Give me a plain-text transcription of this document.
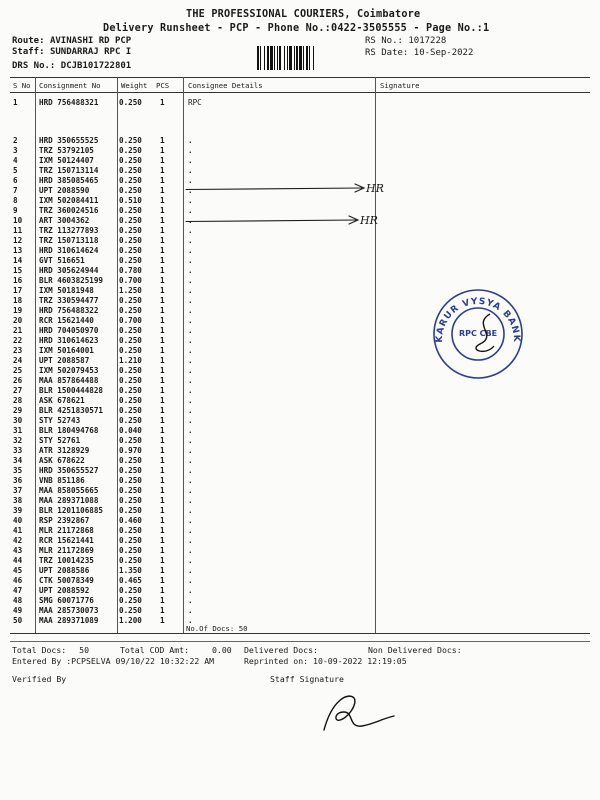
THE PROFESSIONAL COURIERS, Coimbatore
Delivery Runsheet - PCP - Phone No.:0422-3505555 - Page No.:1
Route: AVINASHI RD PCP
Staff: SUNDARRAJ RPC I
DRS No.: DCJB101722801
RS No.: 1017228
RS Date: 10-Sep-2022
S No Consignment No	Weight PCS	Consignee Details	Signature
1	HRD 756488321	0.250 1	RPC
2	HRD 350655525	0.250 1	.
3	TRZ 53792105	0.250 1	.
4	IXM 50124407	0.250 1	.
5	TRZ 150713114	0.250 1	.
6	HRD 385085465	0.250 1	.
7	UPT 2088590	0.250 1	.
8	IXM 502084411	0.510 1	.
9	TRZ 360024516	0.250 1	.
10 ART 3004362	0.250 1	.
11 TRZ 113277893	0.250 1	.
12 TRZ 150713118	0.250 1	.
13 HRD 310614624	0.250 1	.
14 GVT 516651	0.250 1	.
15 HRD 305624944	0.780 1	.
16 BLR 4603825199 0.700 1	.
17 IXM 50181948	1.250 1	.
18 TRZ 330594477	0.250 1	.
19 HRD 756488322	0.250 1	.
20 RCR 15621440	0.700 1	.
21 HRD 704050970	0.250 1	.
22 HRD 310614623	0.250 1	.
23 IXM 50164001	0.250 1	.
24 UPT 2088587	1.210 1	.
25 IXM 502079453	0.250 1	.
26 MAA 857864488	0.250 1	.
27 BLR 1500444828 0.250 1	.
28 ASK 678621	0.250 1	.
29 BLR 4251830571 0.250 1	.
30 STY 52743	0.250 1	.
31 BLR 180494768	0.040 1	.
32 STY 52761	0.250 1	.
33 ATR 3128929	0.970 1	.
34 ASK 678622	0.250 1	.
35 HRD 350655527	0.250 1	.
36 VNB 851186	0.250 1	.
37 MAA 858055665	0.250 1	.
38 MAA 289371088	0.250 1	.
39 BLR 1201106885 0.250 1	.
40 RSP 2392867	0.460 1	.
41 MLR 21172868	0.250 1	.
42 RCR 15621441	0.250 1	.
43 MLR 21172869	0.250 1	.
44 TRZ 10014235	0.250 1	.
45 UPT 2088586	1.350 1	.
46 CTK 50078349	0.465 1	.
47 UPT 2088592	0.250 1	.
48 SMG 60071776	0.250 1	.
49 MAA 285730073	0.250 1	.
50 MAA 289371089	1.200 1	.
No.Of Docs: 50
HR
HR
KARUR VYSYA BANK
RPC CBE
Total Docs: 50	Total COD Amt:	0.00 Delivered Docs:	Non Delivered Docs:
Entered By :PCPSELVA 09/10/22 10:32:22 AM	Reprinted on: 10-09-2022 12:19:05
Verified By	Staff Signature
